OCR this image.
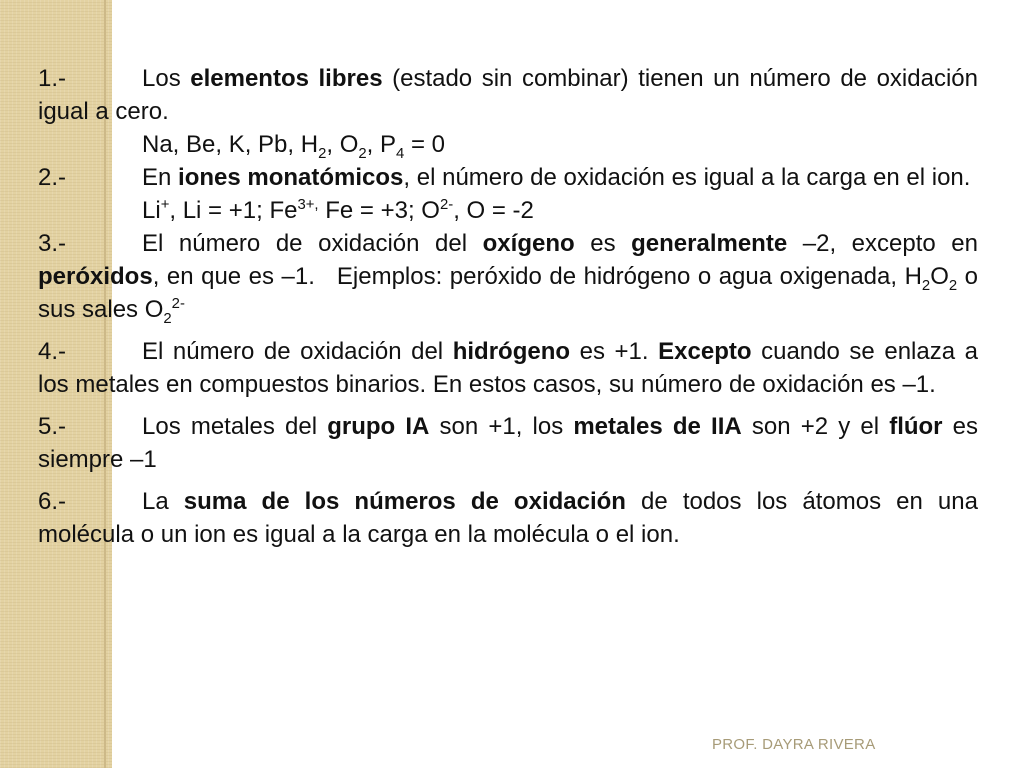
1.-	Los elementos libres (estado sin combinar) tienen un número de oxidación igual a cero.

Na, Be, K, Pb, $H_2$, $O_2$, $P_4 = 0$

2.-	En iones monatómicos, el número de oxidación es igual a la carga en el ion.

Li+, Li = +1; $Fe^{3+,}$ Fe = +3; $O^{2-}$, O = -2

3.-	El número de oxidación del oxígeno es generalmente –2, excepto en peróxidos, en que es –1. Ejemplos: peróxido de hidrógeno o agua oxigenada, $H_2O_2$ o sus sales $O_2^{2-}$

4.-	El número de oxidación del hidrógeno es +1. Excepto cuando se enlaza a los metales en compuestos binarios. En estos casos, su número de oxidación es –1.

5.-	Los metales del grupo IA son +1, los metales de IIA son +2 y el flúor es siempre –1

6.-	La suma de los números de oxidación de todos los átomos en una molécula o un ion es igual a la carga en la molécula o el ion.

PROF. DAYRA RIVERA
